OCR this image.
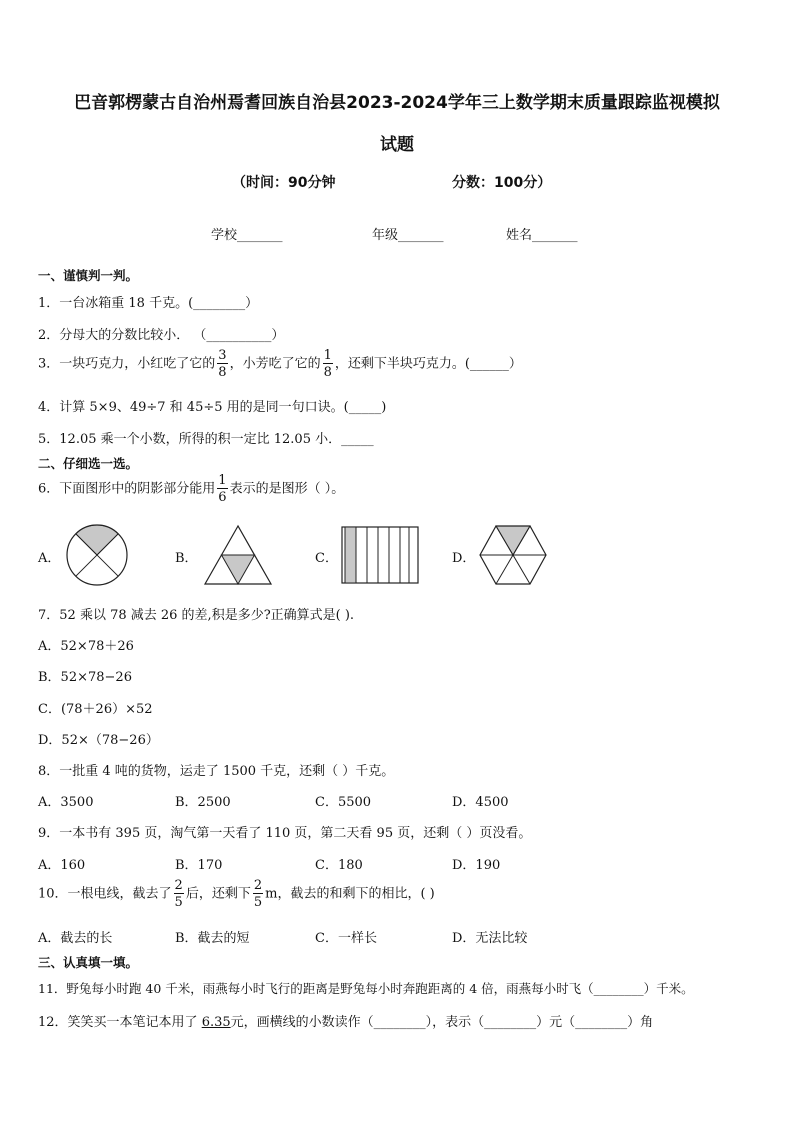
巴音郭楞蒙古自治州焉耆回族自治县2023-2024学年三上数学期末质量跟踪监视模拟
试题
（时间：90分钟	分数：100分）
学校_______	年级_______	姓名_______
一、谨慎判一判。
1．一台冰箱重 18 千克。(________）
2．分母大的分数比较小． （__________）
3．一块巧克力，小红吃了它的 $\frac{3}{8}$ ，小芳吃了它的 $\frac{1}{8}$ ，还剩下半块巧克力。(______）
4．计算 5×9、49÷7 和 45÷5 用的是同一句口诀。(_____)
5．12.05 乘一个小数，所得的积一定比 12.05 小．_____
二、仔细选一选。
6．下面图形中的阴影部分能用 $\frac{1}{6}$ 表示的是图形（ ）。
A．	B．	C．	D．
7．52 乘以 78 减去 26 的差,积是多少?正确算式是( ).
A．52×78＋26
B．52×78−26
C．(78＋26）×52
D．52×（78−26）
8．一批重 4 吨的货物，运走了 1500 千克，还剩（ ）千克。
A．3500	B．2500	C．5500	D．4500
9．一本书有 395 页，淘气第一天看了 110 页，第二天看 95 页，还剩（ ）页没看。
A．160	B．170	C．180	D．190
10．一根电线，截去了 $\frac{2}{5}$ 后，还剩下 $\frac{2}{5}$ m，截去的和剩下的相比，( )
A．截去的长	B．截去的短	C．一样长	D．无法比较
三、认真填一填。
11．野兔每小时跑 40 千米，雨燕每小时飞行的距离是野兔每小时奔跑距离的 4 倍，雨燕每小时飞（________）千米。
12．笑笑买一本笔记本用了 6.35元，画横线的小数读作（________），表示（________）元（________）角
